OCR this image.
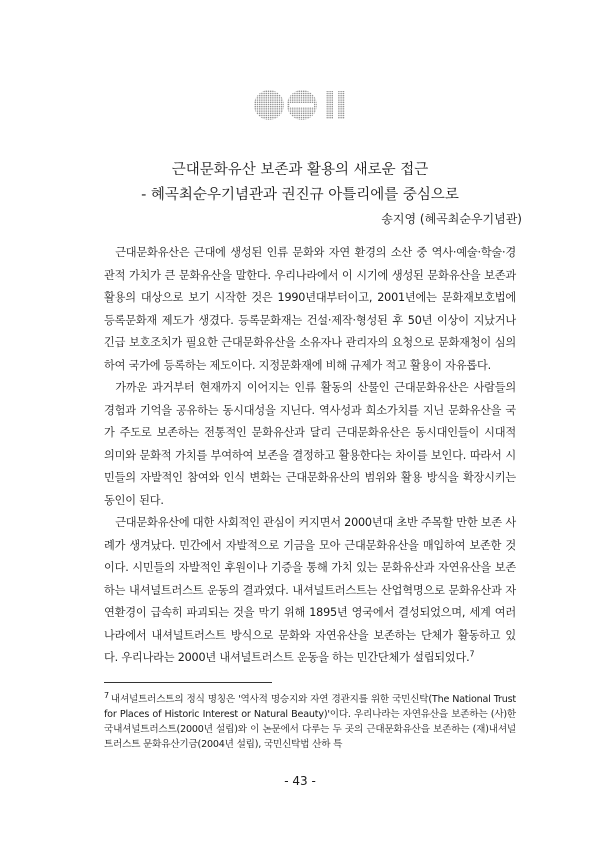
근대문화유산 보존과 활용의 새로운 접근
- 혜곡최순우기념관과 권진규 아틀리에를 중심으로
송지영 (혜곡최순우기념관)

근대문화유산은 근대에 생성된 인류 문화와 자연 환경의 소산 중 역사·예술·학술·경관적 가치가 큰 문화유산을 말한다. 우리나라에서 이 시기에 생성된 문화유산을 보존과 활용의 대상으로 보기 시작한 것은 1990년대부터이고, 2001년에는 문화재보호법에 등록문화재 제도가 생겼다. 등록문화재는 건설·제작·형성된 후 50년 이상이 지났거나 긴급 보호조치가 필요한 근대문화유산을 소유자나 관리자의 요청으로 문화재청이 심의하여 국가에 등록하는 제도이다. 지정문화재에 비해 규제가 적고 활용이 자유롭다.

가까운 과거부터 현재까지 이어지는 인류 활동의 산물인 근대문화유산은 사람들의 경험과 기억을 공유하는 동시대성을 지닌다. 역사성과 희소가치를 지닌 문화유산을 국가 주도로 보존하는 전통적인 문화유산과 달리 근대문화유산은 동시대인들이 시대적 의미와 문화적 가치를 부여하여 보존을 결정하고 활용한다는 차이를 보인다. 따라서 시민들의 자발적인 참여와 인식 변화는 근대문화유산의 범위와 활용 방식을 확장시키는 동인이 된다.

근대문화유산에 대한 사회적인 관심이 커지면서 2000년대 초반 주목할 만한 보존 사례가 생겨났다. 민간에서 자발적으로 기금을 모아 근대문화유산을 매입하여 보존한 것이다. 시민들의 자발적인 후원이나 기증을 통해 가치 있는 문화유산과 자연유산을 보존하는 내셔널트러스트 운동의 결과였다. 내셔널트러스트는 산업혁명으로 문화유산과 자연환경이 급속히 파괴되는 것을 막기 위해 1895년 영국에서 결성되었으며, 세계 여러 나라에서 내셔널트러스트 방식으로 문화와 자연유산을 보존하는 단체가 활동하고 있다. 우리나라는 2000년 내셔널트러스트 운동을 하는 민간단체가 설립되었다.$^7$

$^7$ 내셔널트러스트의 정식 명칭은 '역사적 명승지와 자연 경관지를 위한 국민신탁(The National Trust for Places of Historic Interest or Natural Beauty)'이다. 우리나라는 자연유산을 보존하는 (사)한국내셔널트러스트(2000년 설립)와 이 논문에서 다루는 두 곳의 근대문화유산을 보존하는 (재)내셔널트러스트 문화유산기금(2004년 설립), 국민신탁법 산하 특
- 43 -
